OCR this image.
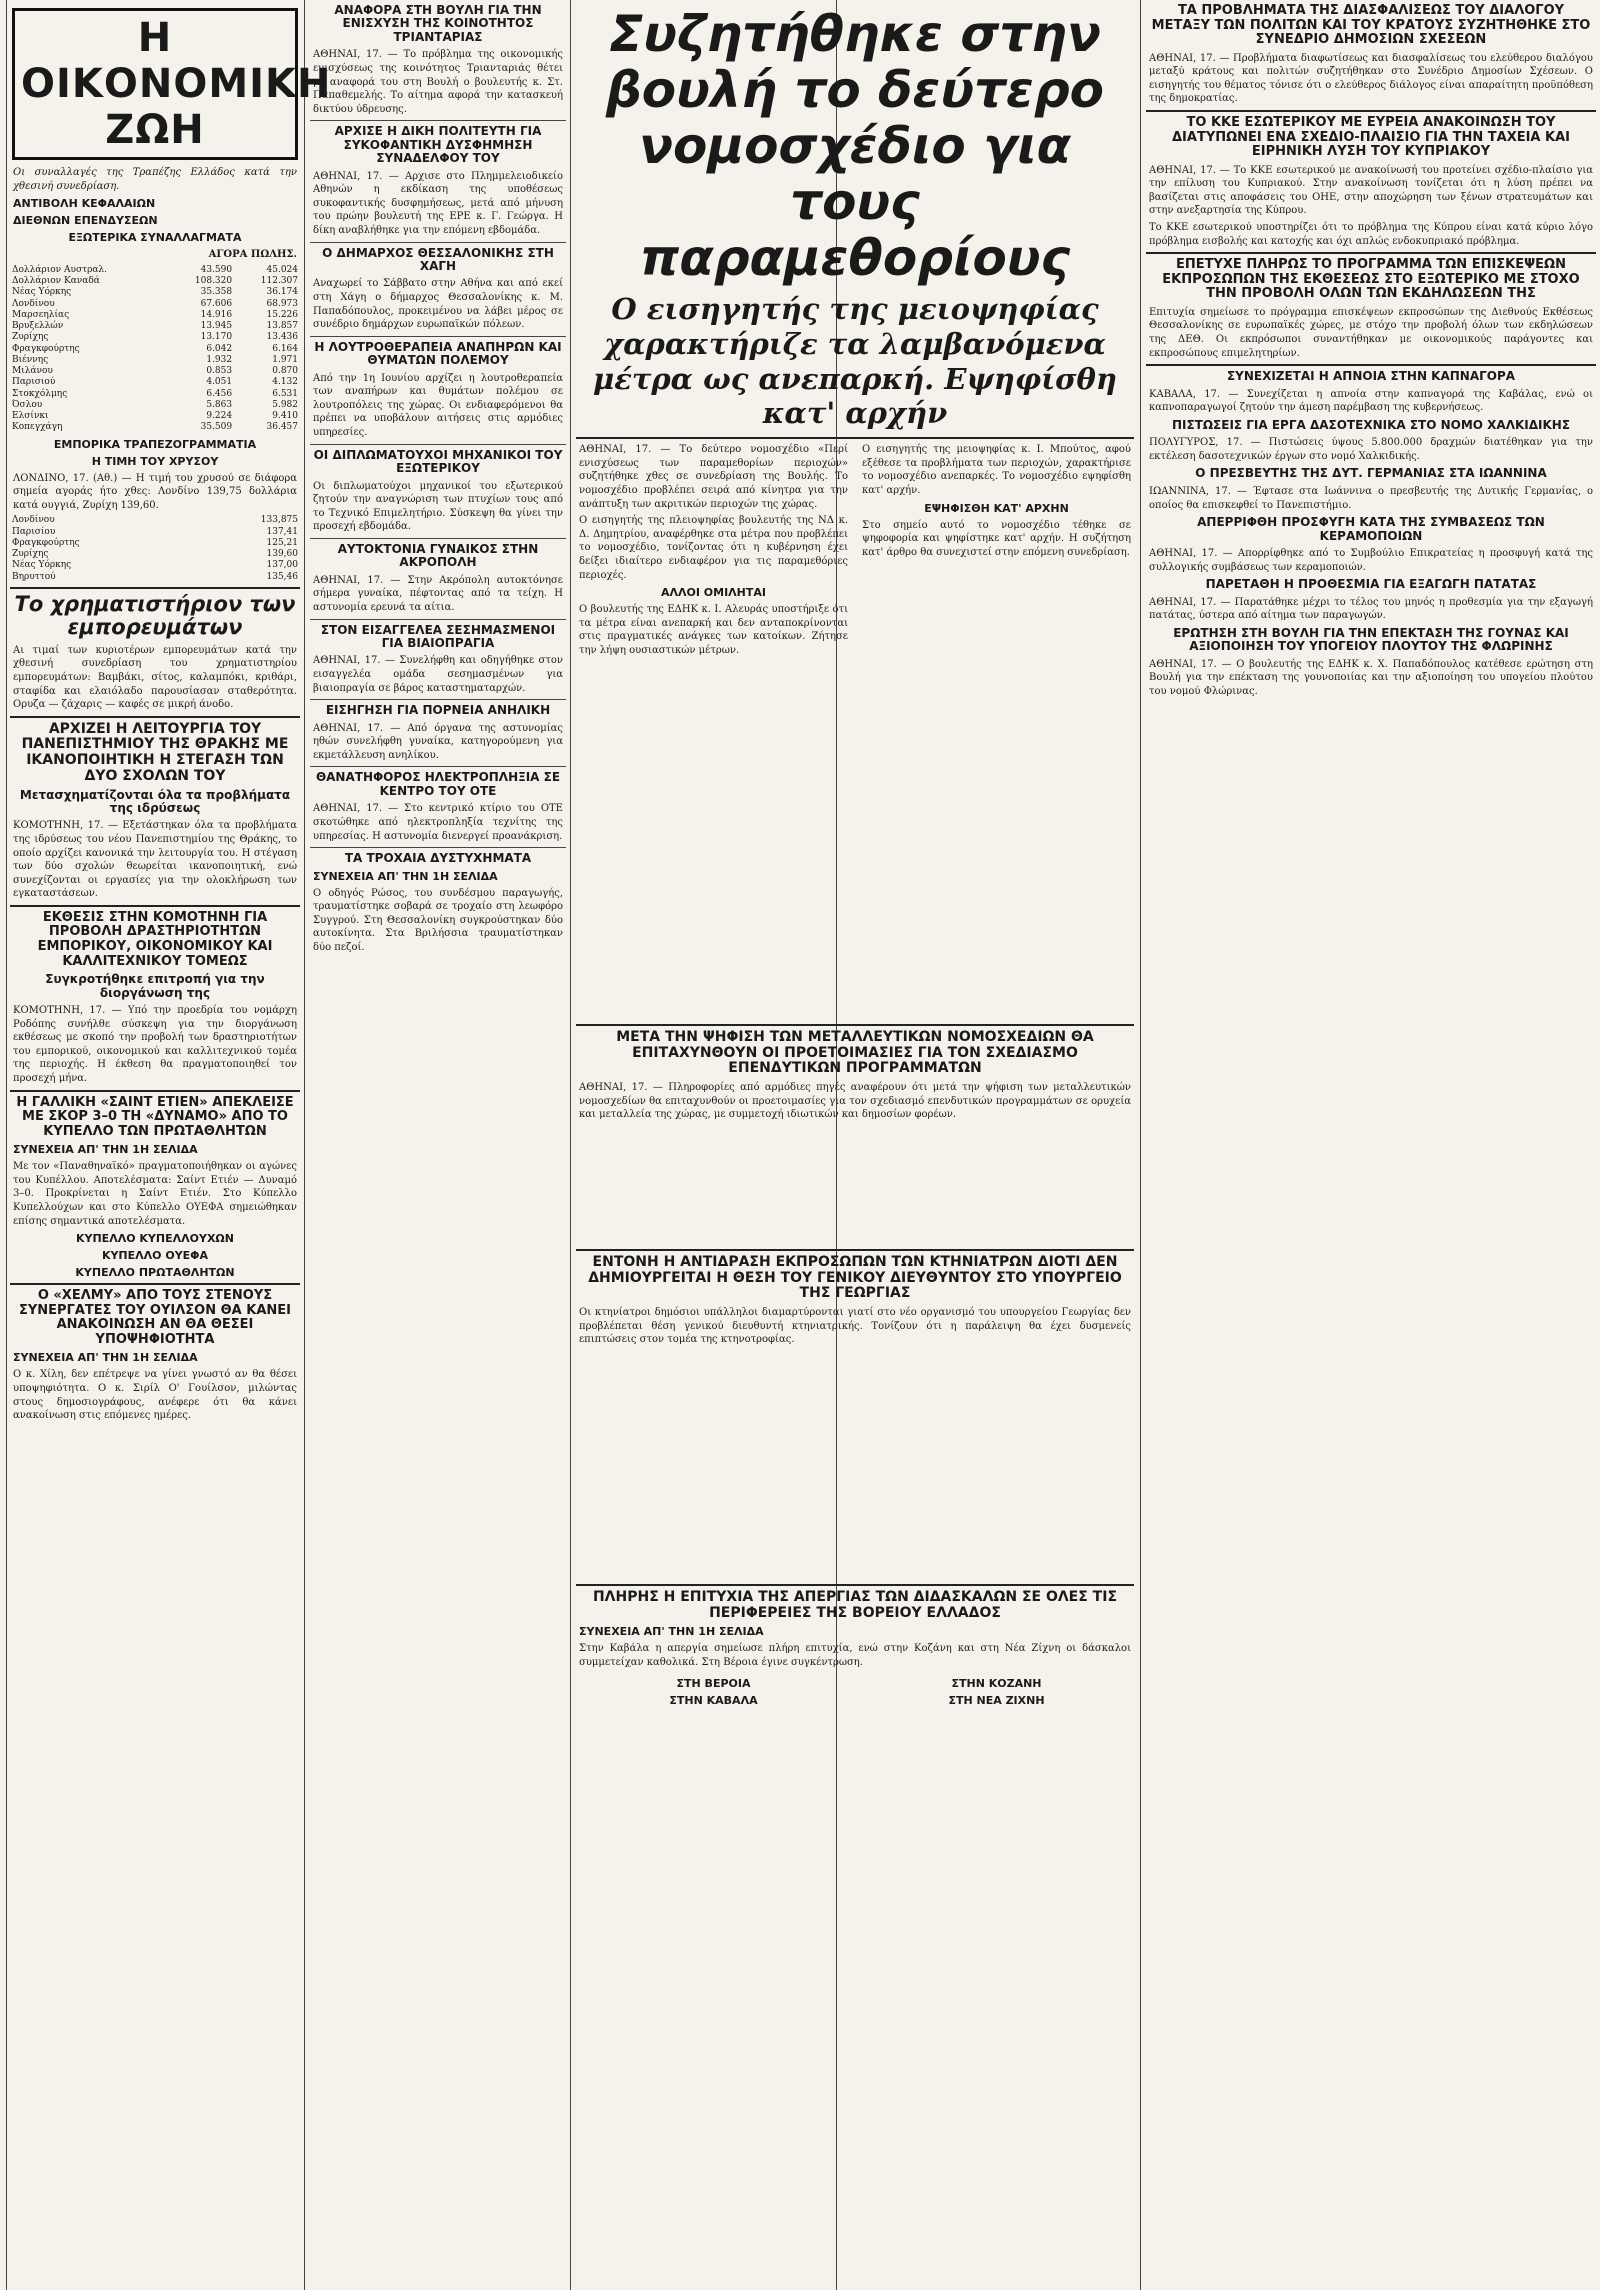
Η ΟΙΚΟΝΟΜΙΚΗ ΖΩΗ
Οι συναλλαγές της Τραπέζης Ελλάδος κατά την χθεσινή συνεδρίαση.
ΑΝΤΙΒΟΛΗ ΚΕΦΑΛΑΙΩΝ
ΔΙΕΘΝΩΝ ΕΠΕΝΔΥΣΕΩΝ
ΕΞΩΤΕΡΙΚΑ ΣΥΝΑΛΛΑΓΜΑΤΑ
ΑΓΟΡΑ ΠΩΛΗΣ.
Δολλάριον Αυστραλ.	43.590	45.024
Δολλάριον Καναδά	108.320	112.307
Νέας Υόρκης	35.358	36.174
Λονδίνου	67.606	68.973
Μαρσεηλίας	14.916	15.226
Βρυξελλών	13.945	13.857
Ζυρίχης	13.170	13.436
Φραγκφούρτης	6.042	6.164
Βιέννης	1.932	1.971
Μιλάνου	0.853	0.870
Παρισιού	4.051	4.132
Στοκχόλμης	6.456	6.531
Όσλου	5.863	5.982
Ελσίνκι	9.224	9.410
Κοπεγχάγη	35.509	36.457
ΕΜΠΟΡΙΚΑ ΤΡΑΠΕΖΟΓΡΑΜΜΑΤΙΑ
Η ΤΙΜΗ ΤΟΥ ΧΡΥΣΟΥ
ΛΟΝΔΙΝΟ, 17. (Αθ.) — Η τιμή του χρυσού σε διάφορα σημεία αγοράς ήτο χθες: Λονδίνο 139,75 δολλάρια κατά ουγγιά, Ζυρίχη 139,60.
Λονδίνου	133,875
Παρισίου	137,41
Φραγκφούρτης	125,21
Ζυρίχης	139,60
Νέας Υόρκης	137,00
Βηρυττού	135,46
Το χρηματιστήριον των εμπορευμάτων
Αι τιμαί των κυριοτέρων εμπορευμάτων κατά την χθεσινή συνεδρίαση του χρηματιστηρίου εμπορευμάτων: Βαμβάκι, σίτος, καλαμπόκι, κριθάρι, σταφίδα και ελαιόλαδο παρουσίασαν σταθερότητα. Ορυζα — ζάχαρις — καφές σε μικρή άνοδο.
ΑΡΧΙΖΕΙ Η ΛΕΙΤΟΥΡΓΙΑ ΤΟΥ ΠΑΝΕΠΙΣΤΗΜΙΟΥ ΤΗΣ ΘΡΑΚΗΣ ΜΕ ΙΚΑΝΟΠΟΙΗΤΙΚΗ Η ΣΤΕΓΑΣΗ ΤΩΝ ΔΥΟ ΣΧΟΛΩΝ ΤΟΥ
Μετασχηματίζονται όλα τα προβλήματα της ιδρύσεως
ΚΟΜΟΤΗΝΗ, 17. — Εξετάστηκαν όλα τα προβλήματα της ιδρύσεως του νέου Πανεπιστημίου της Θράκης, το οποίο αρχίζει κανονικά την λειτουργία του. Η στέγαση των δύο σχολών θεωρείται ικανοποιητική, ενώ συνεχίζονται οι εργασίες για την ολοκλήρωση των εγκαταστάσεων.
ΕΚΘΕΣΙΣ ΣΤΗΝ ΚΟΜΟΤΗΝΗ ΓΙΑ ΠΡΟΒΟΛΗ ΔΡΑΣΤΗΡΙΟΤΗΤΩΝ ΕΜΠΟΡΙΚΟΥ, ΟΙΚΟΝΟΜΙΚΟΥ ΚΑΙ ΚΑΛΛΙΤΕΧΝΙΚΟΥ ΤΟΜΕΩΣ
Συγκροτήθηκε επιτροπή για την διοργάνωση της
ΚΟΜΟΤΗΝΗ, 17. — Υπό την προεδρία του νομάρχη Ροδόπης συνήλθε σύσκεψη για την διοργάνωση εκθέσεως με σκοπό την προβολή των δραστηριοτήτων του εμπορικού, οικονομικού και καλλιτεχνικού τομέα της περιοχής. Η έκθεση θα πραγματοποιηθεί τον προσεχή μήνα.
Η ΓΑΛΛΙΚΗ «ΣΑΙΝΤ ΕΤΙΕΝ» ΑΠΕΚΛΕΙΣΕ ΜΕ ΣΚΟΡ 3–0 ΤΗ «ΔΥΝΑΜΟ» ΑΠΟ ΤΟ ΚΥΠΕΛΛΟ ΤΩΝ ΠΡΩΤΑΘΛΗΤΩΝ
ΣΥΝΕΧΕΙΑ ΑΠ' ΤΗΝ 1Η ΣΕΛΙΔΑ
Με τον «Παναθηναϊκό» πραγματοποιήθηκαν οι αγώνες του Κυπέλλου. Αποτελέσματα: Σαίντ Ετιέν — Δυναμό 3–0. Προκρίνεται η Σαίντ Ετιέν. Στο Κύπελλο Κυπελλούχων και στο Κύπελλο ΟΥΕΦΑ σημειώθηκαν επίσης σημαντικά αποτελέσματα.
ΚΥΠΕΛΛΟ ΚΥΠΕΛΛΟΥΧΩΝ
ΚΥΠΕΛΛΟ ΟΥΕΦΑ
ΚΥΠΕΛΛΟ ΠΡΩΤΑΘΛΗΤΩΝ
Ο «ΧΕΛΜΥ» ΑΠΟ ΤΟΥΣ ΣΤΕΝΟΥΣ ΣΥΝΕΡΓΑΤΕΣ ΤΟΥ ΟΥΙΛΣΟΝ ΘΑ ΚΑΝΕΙ ΑΝΑΚΟΙΝΩΣΗ ΑΝ ΘΑ ΘΕΣΕΙ ΥΠΟΨΗΦΙΟΤΗΤΑ
ΣΥΝΕΧΕΙΑ ΑΠ' ΤΗΝ 1Η ΣΕΛΙΔΑ
Ο κ. Χίλη, δεν επέτρεψε να γίνει γνωστό αν θα θέσει υποψηφιότητα. Ο κ. Σιρίλ Ο' Γουίλσον, μιλώντας στους δημοσιογράφους, ανέφερε ότι θα κάνει ανακοίνωση στις επόμενες ημέρες.
ΑΝΑΦΟΡΑ ΣΤΗ ΒΟΥΛΗ ΓΙΑ ΤΗΝ ΕΝΙΣΧΥΣΗ ΤΗΣ ΚΟΙΝΟΤΗΤΟΣ ΤΡΙΑΝΤΑΡΙΑΣ
ΑΘΗΝΑΙ, 17. — Το πρόβλημα της οικονομικής ενισχύσεως της κοινότητος Τριανταριάς θέτει με αναφορά του στη Βουλή ο βουλευτής κ. Στ. Παπαθεμελής. Το αίτημα αφορά την κατασκευή δικτύου ύδρευσης.
ΑΡΧΙΣΕ Η ΔΙΚΗ ΠΟΛΙΤΕΥΤΗ ΓΙΑ ΣΥΚΟΦΑΝΤΙΚΗ ΔΥΣΦΗΜΗΣΗ ΣΥΝΑΔΕΛΦΟΥ ΤΟΥ
ΑΘΗΝΑΙ, 17. — Αρχισε στο Πλημμελειοδικείο Αθηνών η εκδίκαση της υποθέσεως συκοφαντικής δυσφημήσεως, μετά από μήνυση του πρώην βουλευτή της ΕΡΕ κ. Γ. Γεώργα. Η δίκη αναβλήθηκε για την επόμενη εβδομάδα.
Ο ΔΗΜΑΡΧΟΣ ΘΕΣΣΑΛΟΝΙΚΗΣ ΣΤΗ ΧΑΓΗ
Αναχωρεί το Σάββατο στην Αθήνα και από εκεί στη Χάγη ο δήμαρχος Θεσσαλονίκης κ. Μ. Παπαδόπουλος, προκειμένου να λάβει μέρος σε συνέδριο δημάρχων ευρωπαϊκών πόλεων.
Η ΛΟΥΤΡΟΘΕΡΑΠΕΙΑ ΑΝΑΠΗΡΩΝ ΚΑΙ ΘΥΜΑΤΩΝ ΠΟΛΕΜΟΥ
Από την 1η Ιουνίου αρχίζει η λουτροθεραπεία των αναπήρων και θυμάτων πολέμου σε λουτροπόλεις της χώρας. Οι ενδιαφερόμενοι θα πρέπει να υποβάλουν αιτήσεις στις αρμόδιες υπηρεσίες.
ΟΙ ΔΙΠΛΩΜΑΤΟΥΧΟΙ ΜΗΧΑΝΙΚΟΙ ΤΟΥ ΕΞΩΤΕΡΙΚΟΥ
Οι διπλωματούχοι μηχανικοί του εξωτερικού ζητούν την αναγνώριση των πτυχίων τους από το Τεχνικό Επιμελητήριο. Σύσκεψη θα γίνει την προσεχή εβδομάδα.
ΑΥΤΟΚΤΟΝΙΑ ΓΥΝΑΙΚΟΣ ΣΤΗΝ ΑΚΡΟΠΟΛΗ
ΑΘΗΝΑΙ, 17. — Στην Ακρόπολη αυτοκτόνησε σήμερα γυναίκα, πέφτοντας από τα τείχη. Η αστυνομία ερευνά τα αίτια.
ΣΤΟΝ ΕΙΣΑΓΓΕΛΕΑ ΣΕΣΗΜΑΣΜΕΝΟΙ ΓΙΑ ΒΙΑΙΟΠΡΑΓΙΑ
ΑΘΗΝΑΙ, 17. — Συνελήφθη και οδηγήθηκε στον εισαγγελέα ομάδα σεσημασμένων για βιαιοπραγία σε βάρος καταστηματαρχών.
ΕΙΣΗΓΗΣΗ ΓΙΑ ΠΟΡΝΕΙΑ ΑΝΗΛΙΚΗ
ΑΘΗΝΑΙ, 17. — Από όργανα της αστυνομίας ηθών συνελήφθη γυναίκα, κατηγορούμενη για εκμετάλλευση ανηλίκου.
ΘΑΝΑΤΗΦΟΡΟΣ ΗΛΕΚΤΡΟΠΛΗΞΙΑ ΣΕ ΚΕΝΤΡΟ ΤΟΥ ΟΤΕ
ΑΘΗΝΑΙ, 17. — Στο κεντρικό κτίριο του ΟΤΕ σκοτώθηκε από ηλεκτροπληξία τεχνίτης της υπηρεσίας. Η αστυνομία διενεργεί προανάκριση.
ΤΑ ΤΡΟΧΑΙΑ ΔΥΣΤΥΧΗΜΑΤΑ
ΣΥΝΕΧΕΙΑ ΑΠ' ΤΗΝ 1Η ΣΕΛΙΔΑ
Ο οδηγός Ρώσος, του συνδέσμου παραγωγής, τραυματίστηκε σοβαρά σε τροχαίο στη λεωφόρο Συγγρού. Στη Θεσσαλονίκη συγκρούστηκαν δύο αυτοκίνητα. Στα Βριλήσσια τραυματίστηκαν δύο πεζοί.
Συζητήθηκε στην βουλή το δεύτερο νομοσχέδιο για τους παραμεθορίους
Ο εισηγητής της μειοψηφίας χαρακτήριζε τα λαμβανόμενα μέτρα ως ανεπαρκή. Εψηφίσθη κατ' αρχήν
ΑΘΗΝΑΙ, 17. — Το δεύτερο νομοσχέδιο «Περί ενισχύσεως των παραμεθορίων περιοχών» συζητήθηκε χθες σε συνεδρίαση της Βουλής. Το νομοσχέδιο προβλέπει σειρά από κίνητρα για την ανάπτυξη των ακριτικών περιοχών της χώρας.
Ο εισηγητής της πλειοψηφίας βουλευτής της ΝΔ κ. Δ. Δημητρίου, αναφέρθηκε στα μέτρα που προβλέπει το νομοσχέδιο, τονίζοντας ότι η κυβέρνηση έχει δείξει ιδιαίτερο ενδιαφέρον για τις παραμεθόριες περιοχές.
ΑΛΛΟΙ ΟΜΙΛΗΤΑΙ
Ο βουλευτής της ΕΔΗΚ κ. Ι. Αλευράς υποστήριξε ότι τα μέτρα είναι ανεπαρκή και δεν ανταποκρίνονται στις πραγματικές ανάγκες των κατοίκων. Ζήτησε την λήψη ουσιαστικών μέτρων.
Ο εισηγητής της μειοψηφίας κ. Ι. Μπούτος, αφού εξέθεσε τα προβλήματα των περιοχών, χαρακτήρισε το νομοσχέδιο ανεπαρκές. Το νομοσχέδιο εψηφίσθη κατ' αρχήν.
ΕΨΗΦΙΣΘΗ ΚΑΤ' ΑΡΧΗΝ
Στο σημείο αυτό το νομοσχέδιο τέθηκε σε ψηφοφορία και ψηφίστηκε κατ' αρχήν. Η συζήτηση κατ' άρθρο θα συνεχιστεί στην επόμενη συνεδρίαση.
ΜΕΤΑ ΤΗΝ ΨΗΦΙΣΗ ΤΩΝ ΜΕΤΑΛΛΕΥΤΙΚΩΝ ΝΟΜΟΣΧΕΔΙΩΝ ΘΑ ΕΠΙΤΑΧΥΝΘΟΥΝ ΟΙ ΠΡΟΕΤΟΙΜΑΣΙΕΣ ΓΙΑ ΤΟΝ ΣΧΕΔΙΑΣΜΟ ΕΠΕΝΔΥΤΙΚΩΝ ΠΡΟΓΡΑΜΜΑΤΩΝ
ΑΘΗΝΑΙ, 17. — Πληροφορίες από αρμόδιες πηγές αναφέρουν ότι μετά την ψήφιση των μεταλλευτικών νομοσχεδίων θα επιταχυνθούν οι προετοιμασίες για τον σχεδιασμό επενδυτικών προγραμμάτων σε ορυχεία και μεταλλεία της χώρας, με συμμετοχή ιδιωτικών και δημοσίων φορέων.
ΕΝΤΟΝΗ Η ΑΝΤΙΔΡΑΣΗ ΕΚΠΡΟΣΩΠΩΝ ΤΩΝ ΚΤΗΝΙΑΤΡΩΝ ΔΙΟΤΙ ΔΕΝ ΔΗΜΙΟΥΡΓΕΙΤΑΙ Η ΘΕΣΗ ΤΟΥ ΓΕΝΙΚΟΥ ΔΙΕΥΘΥΝΤΟΥ ΣΤΟ ΥΠΟΥΡΓΕΙΟ ΤΗΣ ΓΕΩΡΓΙΑΣ
Οι κτηνίατροι δημόσιοι υπάλληλοι διαμαρτύρονται γιατί στο νέο οργανισμό του υπουργείου Γεωργίας δεν προβλέπεται θέση γενικού διευθυντή κτηνιατρικής. Τονίζουν ότι η παράλειψη θα έχει δυσμενείς επιπτώσεις στον τομέα της κτηνοτροφίας.
ΠΛΗΡΗΣ Η ΕΠΙΤΥΧΙΑ ΤΗΣ ΑΠΕΡΓΙΑΣ ΤΩΝ ΔΙΔΑΣΚΑΛΩΝ ΣΕ ΟΛΕΣ ΤΙΣ ΠΕΡΙΦΕΡΕΙΕΣ ΤΗΣ ΒΟΡΕΙΟΥ ΕΛΛΑΔΟΣ
ΣΥΝΕΧΕΙΑ ΑΠ' ΤΗΝ 1Η ΣΕΛΙΔΑ
Στην Καβάλα η απεργία σημείωσε πλήρη επιτυχία, ενώ στην Κοζάνη και στη Νέα Ζίχνη οι δάσκαλοι συμμετείχαν καθολικά. Στη Βέροια έγινε συγκέντρωση.
ΣΤΗ ΒΕΡΟΙΑ
ΣΤΗΝ ΚΑΒΑΛΑ
ΣΤΗΝ ΚΟΖΑΝΗ
ΣΤΗ ΝΕΑ ΖΙΧΝΗ
ΤΑ ΠΡΟΒΛΗΜΑΤΑ ΤΗΣ ΔΙΑΣΦΑΛΙΣΕΩΣ ΤΟΥ ΔΙΑΛΟΓΟΥ ΜΕΤΑΞΥ ΤΩΝ ΠΟΛΙΤΩΝ ΚΑΙ ΤΟΥ ΚΡΑΤΟΥΣ ΣΥΖΗΤΗΘΗΚΕ ΣΤΟ ΣΥΝΕΔΡΙΟ ΔΗΜΟΣΙΩΝ ΣΧΕΣΕΩΝ
ΑΘΗΝΑΙ, 17. — Προβλήματα διαφωτίσεως και διασφαλίσεως του ελεύθερου διαλόγου μεταξύ κράτους και πολιτών συζητήθηκαν στο Συνέδριο Δημοσίων Σχέσεων. Ο εισηγητής του θέματος τόνισε ότι ο ελεύθερος διάλογος είναι απαραίτητη προϋπόθεση της δημοκρατίας.
ΤΟ ΚΚΕ ΕΣΩΤΕΡΙΚΟΥ ΜΕ ΕΥΡΕΙΑ ΑΝΑΚΟΙΝΩΣΗ ΤΟΥ ΔΙΑΤΥΠΩΝΕΙ ΕΝΑ ΣΧΕΔΙΟ-ΠΛΑΙΣΙΟ ΓΙΑ ΤΗΝ ΤΑΧΕΙΑ ΚΑΙ ΕΙΡΗΝΙΚΗ ΛΥΣΗ ΤΟΥ ΚΥΠΡΙΑΚΟΥ
ΑΘΗΝΑΙ, 17. — Το ΚΚΕ εσωτερικού με ανακοίνωσή του προτείνει σχέδιο-πλαίσιο για την επίλυση του Κυπριακού. Στην ανακοίνωση τονίζεται ότι η λύση πρέπει να βασίζεται στις αποφάσεις του ΟΗΕ, στην αποχώρηση των ξένων στρατευμάτων και στην ανεξαρτησία της Κύπρου.
Το ΚΚΕ εσωτερικού υποστηρίζει ότι το πρόβλημα της Κύπρου είναι κατά κύριο λόγο πρόβλημα εισβολής και κατοχής και όχι απλώς ενδοκυπριακό πρόβλημα.
ΕΠΕΤΥΧΕ ΠΛΗΡΩΣ ΤΟ ΠΡΟΓΡΑΜΜΑ ΤΩΝ ΕΠΙΣΚΕΨΕΩΝ ΕΚΠΡΟΣΩΠΩΝ ΤΗΣ ΕΚΘΕΣΕΩΣ ΣΤΟ ΕΞΩΤΕΡΙΚΟ ΜΕ ΣΤΟΧΟ ΤΗΝ ΠΡΟΒΟΛΗ ΟΛΩΝ ΤΩΝ ΕΚΔΗΛΩΣΕΩΝ ΤΗΣ
Επιτυχία σημείωσε το πρόγραμμα επισκέψεων εκπροσώπων της Διεθνούς Εκθέσεως Θεσσαλονίκης σε ευρωπαϊκές χώρες, με στόχο την προβολή όλων των εκδηλώσεων της ΔΕΘ. Οι εκπρόσωποι συναντήθηκαν με οικονομικούς παράγοντες και εκπροσώπους επιμελητηρίων.
ΣΥΝΕΧΙΖΕΤΑΙ Η ΑΠΝΟΙΑ ΣΤΗΝ ΚΑΠΝΑΓΟΡΑ
ΚΑΒΑΛΑ, 17. — Συνεχίζεται η απνοία στην καπναγορά της Καβάλας, ενώ οι καπνοπαραγωγοί ζητούν την άμεση παρέμβαση της κυβερνήσεως.
ΠΙΣΤΩΣΕΙΣ ΓΙΑ ΕΡΓΑ ΔΑΣΟΤΕΧΝΙΚΑ ΣΤΟ ΝΟΜΟ ΧΑΛΚΙΔΙΚΗΣ
ΠΟΛΥΓΥΡΟΣ, 17. — Πιστώσεις ύψους 5.800.000 δραχμών διατέθηκαν για την εκτέλεση δασοτεχνικών έργων στο νομό Χαλκιδικής.
Ο ΠΡΕΣΒΕΥΤΗΣ ΤΗΣ ΔΥΤ. ΓΕΡΜΑΝΙΑΣ ΣΤΑ ΙΩΑΝΝΙΝΑ
ΙΩΑΝΝΙΝΑ, 17. — Έφτασε στα Ιωάννινα ο πρεσβευτής της Δυτικής Γερμανίας, ο οποίος θα επισκεφθεί το Πανεπιστήμιο.
ΑΠΕΡΡΙΦΘΗ ΠΡΟΣΦΥΓΗ ΚΑΤΑ ΤΗΣ ΣΥΜΒΑΣΕΩΣ ΤΩΝ ΚΕΡΑΜΟΠΟΙΩΝ
ΑΘΗΝΑΙ, 17. — Απορρίφθηκε από το Συμβούλιο Επικρατείας η προσφυγή κατά της συλλογικής συμβάσεως των κεραμοποιών.
ΠΑΡΕΤΑΘΗ Η ΠΡΟΘΕΣΜΙΑ ΓΙΑ ΕΞΑΓΩΓΗ ΠΑΤΑΤΑΣ
ΑΘΗΝΑΙ, 17. — Παρατάθηκε μέχρι το τέλος του μηνός η προθεσμία για την εξαγωγή πατάτας, ύστερα από αίτημα των παραγωγών.
ΕΡΩΤΗΣΗ ΣΤΗ ΒΟΥΛΗ ΓΙΑ ΤΗΝ ΕΠΕΚΤΑΣΗ ΤΗΣ ΓΟΥΝΑΣ ΚΑΙ ΑΞΙΟΠΟΙΗΣΗ ΤΟΥ ΥΠΟΓΕΙΟΥ ΠΛΟΥΤΟΥ ΤΗΣ ΦΛΩΡΙΝΗΣ
ΑΘΗΝΑΙ, 17. — Ο βουλευτής της ΕΔΗΚ κ. Χ. Παπαδόπουλος κατέθεσε ερώτηση στη Βουλή για την επέκταση της γουνοποιίας και την αξιοποίηση του υπογείου πλούτου του νομού Φλώρινας.
